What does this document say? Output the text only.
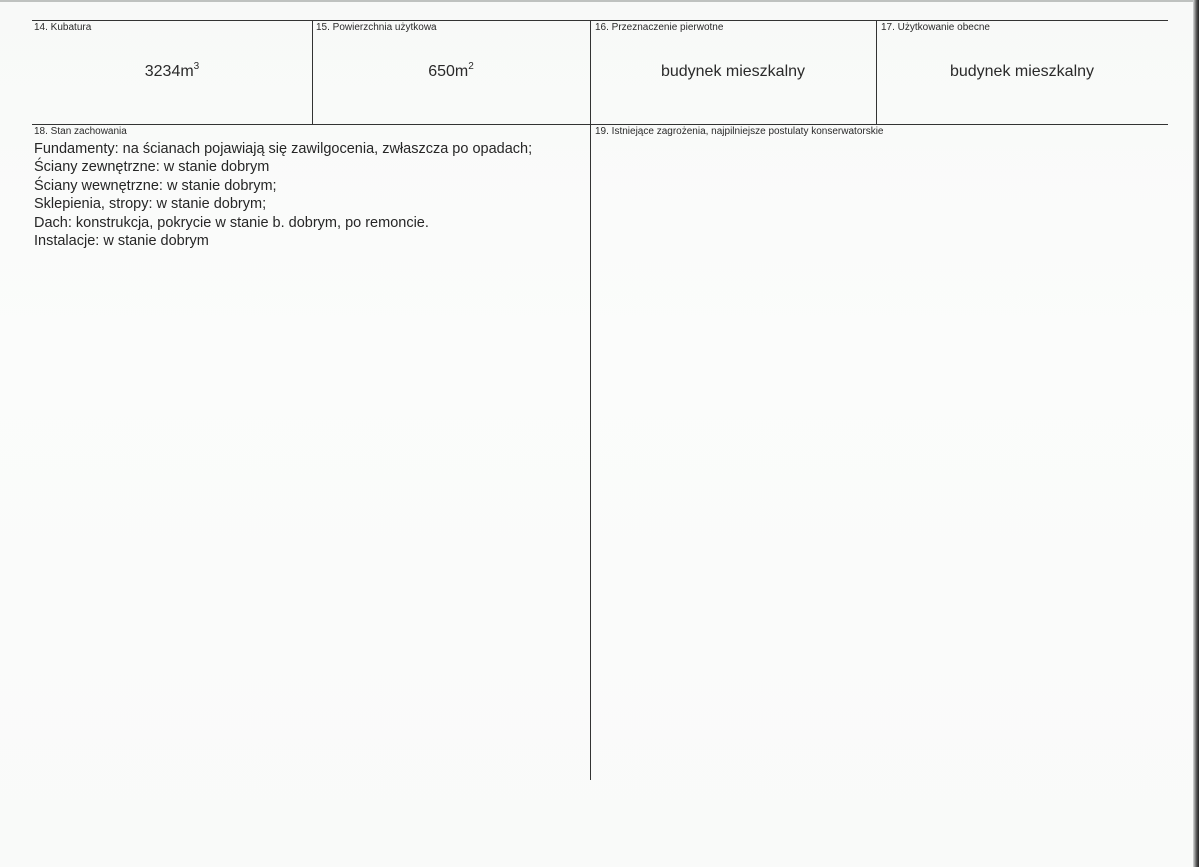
14. Kubatura
$3234m^3$
15. Powierzchnia użytkowa
$650m^2$
16. Przeznaczenie pierwotne
budynek mieszkalny
17. Użytkowanie obecne
budynek mieszkalny
18. Stan zachowania
Fundamenty: na ścianach pojawiają się zawilgocenia, zwłaszcza po opadach;
Ściany zewnętrzne: w stanie dobrym
Ściany wewnętrzne: w stanie dobrym;
Sklepienia, stropy: w stanie dobrym;
Dach: konstrukcja, pokrycie w stanie b. dobrym, po remoncie.
Instalacje: w stanie dobrym
19. Istniejące zagrożenia, najpilniejsze postulaty konserwatorskie
